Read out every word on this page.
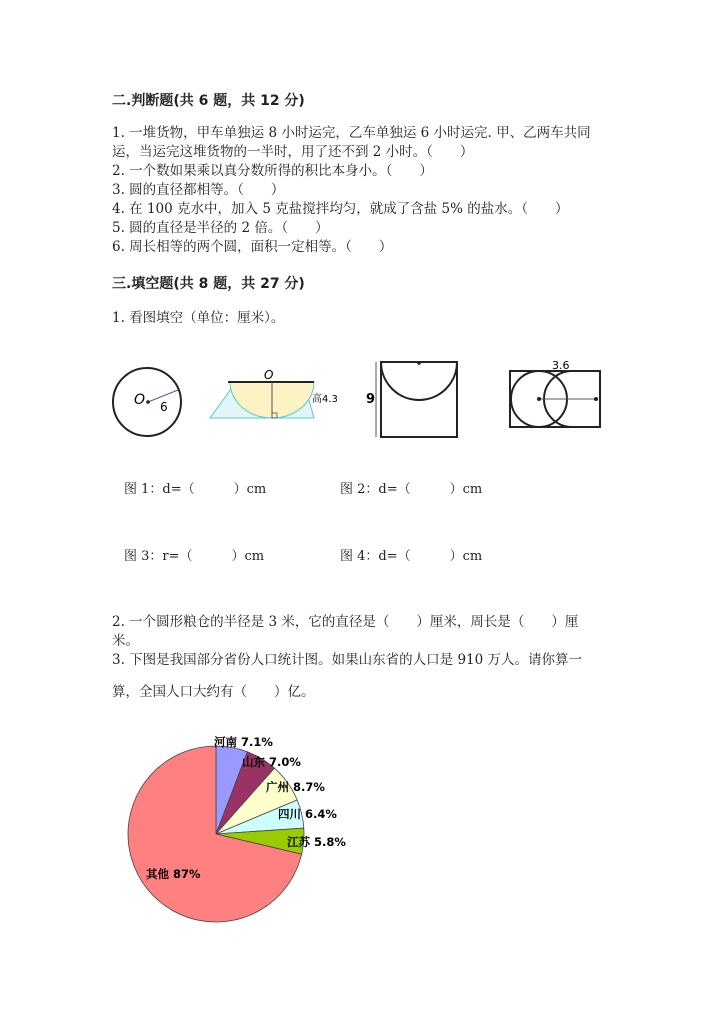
二.判断题(共 6 题，共 12 分)
1. 一堆货物，甲车单独运 8 小时运完，乙车单独运 6 小时运完. 甲、乙两车共同
运，当运完这堆货物的一半时，用了还不到 2 小时。（　　）
2. 一个数如果乘以真分数所得的积比本身小。（　　）
3. 圆的直径都相等。（　　）
4. 在 100 克水中，加入 5 克盐搅拌均匀，就成了含盐 5% 的盐水。（　　）
5. 圆的直径是半径的 2 倍。（　　）
6. 周长相等的两个圆，面积一定相等。（　　）
三.填空题(共 8 题，共 27 分)
1. 看图填空（单位：厘米）。
O 6
O
高4.3 9
3.6
图 1：d=（　　　）cm	图 2：d=（　　　）cm
图 3：r=（　　　）cm	图 4：d=（　　　）cm
2. 一个圆形粮仓的半径是 3 米，它的直径是（　　）厘米，周长是（　　）厘
米。
3. 下图是我国部分省份人口统计图。如果山东省的人口是 910 万人。请你算一
算，全国人口大约有（　　）亿。
河南 7.1%
山东 7.0%
广州 8.7%
四川 6.4%
江苏 5.8%
其他 87%
